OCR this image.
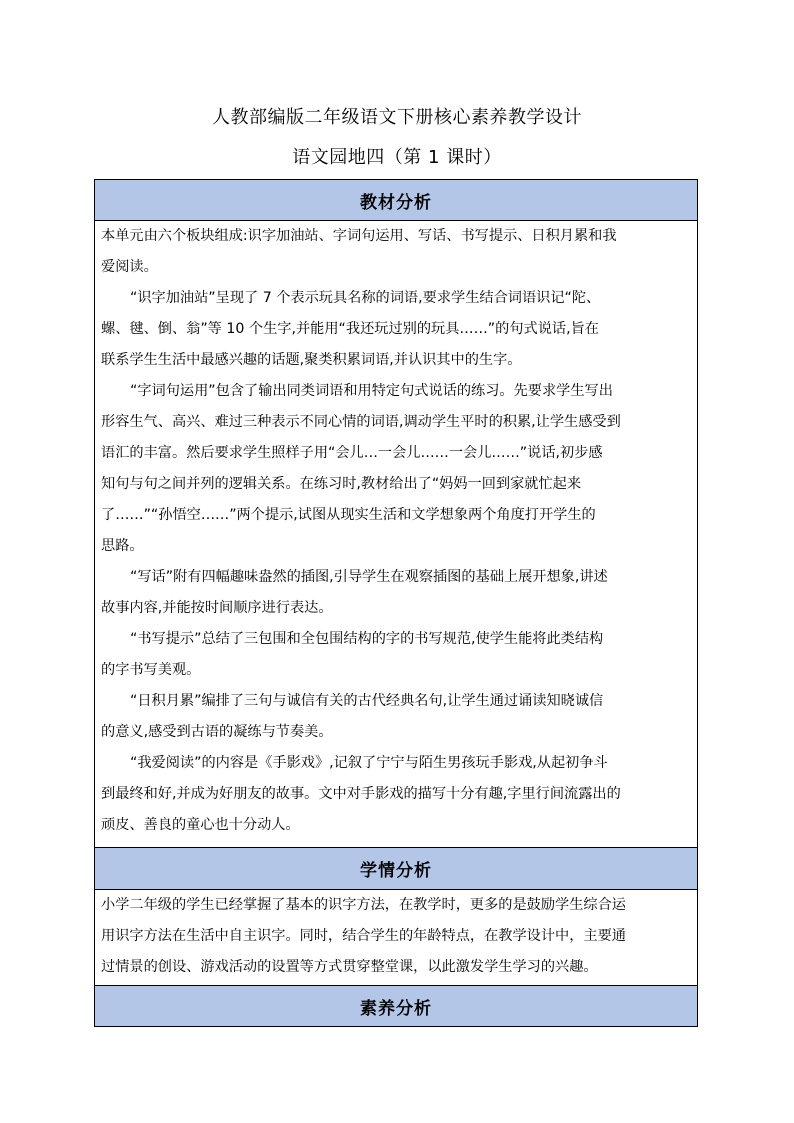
人教部编版二年级语文下册核心素养教学设计
语文园地四（第 1 课时）
教材分析

本单元由六个板块组成:识字加油站、字词句运用、写话、书写提示、日积月累和我
爱阅读。
“识字加油站”呈现了 7 个表示玩具名称的词语,要求学生结合词语识记“陀、
螺、毽、倒、翁”等 10 个生字,并能用“我还玩过别的玩具……”的句式说话,旨在
联系学生生活中最感兴趣的话题,聚类积累词语,并认识其中的生字。
“字词句运用”包含了输出同类词语和用特定句式说话的练习。先要求学生写出
形容生气、高兴、难过三种表示不同心情的词语,调动学生平时的积累,让学生感受到
语汇的丰富。然后要求学生照样子用“会儿…一会儿……一会儿……”说话,初步感
知句与句之间并列的逻辑关系。在练习时,教材给出了“妈妈一回到家就忙起来
了……”“孙悟空……”两个提示,试图从现实生活和文学想象两个角度打开学生的
思路。
“写话”附有四幅趣味盎然的插图,引导学生在观察插图的基础上展开想象,讲述
故事内容,并能按时间顺序进行表达。
“书写提示”总结了三包围和全包围结构的字的书写规范,使学生能将此类结构
的字书写美观。
“日积月累”编排了三句与诚信有关的古代经典名句,让学生通过诵读知晓诚信
的意义,感受到古语的凝练与节奏美。
“我爱阅读”的内容是《手影戏》,记叙了宁宁与陌生男孩玩手影戏,从起初争斗
到最终和好,并成为好朋友的故事。文中对手影戏的描写十分有趣,字里行间流露出的
顽皮、善良的童心也十分动人。

学情分析

小学二年级的学生已经掌握了基本的识字方法，在教学时，更多的是鼓励学生综合运
用识字方法在生活中自主识字。同时，结合学生的年龄特点，在教学设计中，主要通
过情景的创设、游戏活动的设置等方式贯穿整堂课，以此激发学生学习的兴趣。

素养分析
